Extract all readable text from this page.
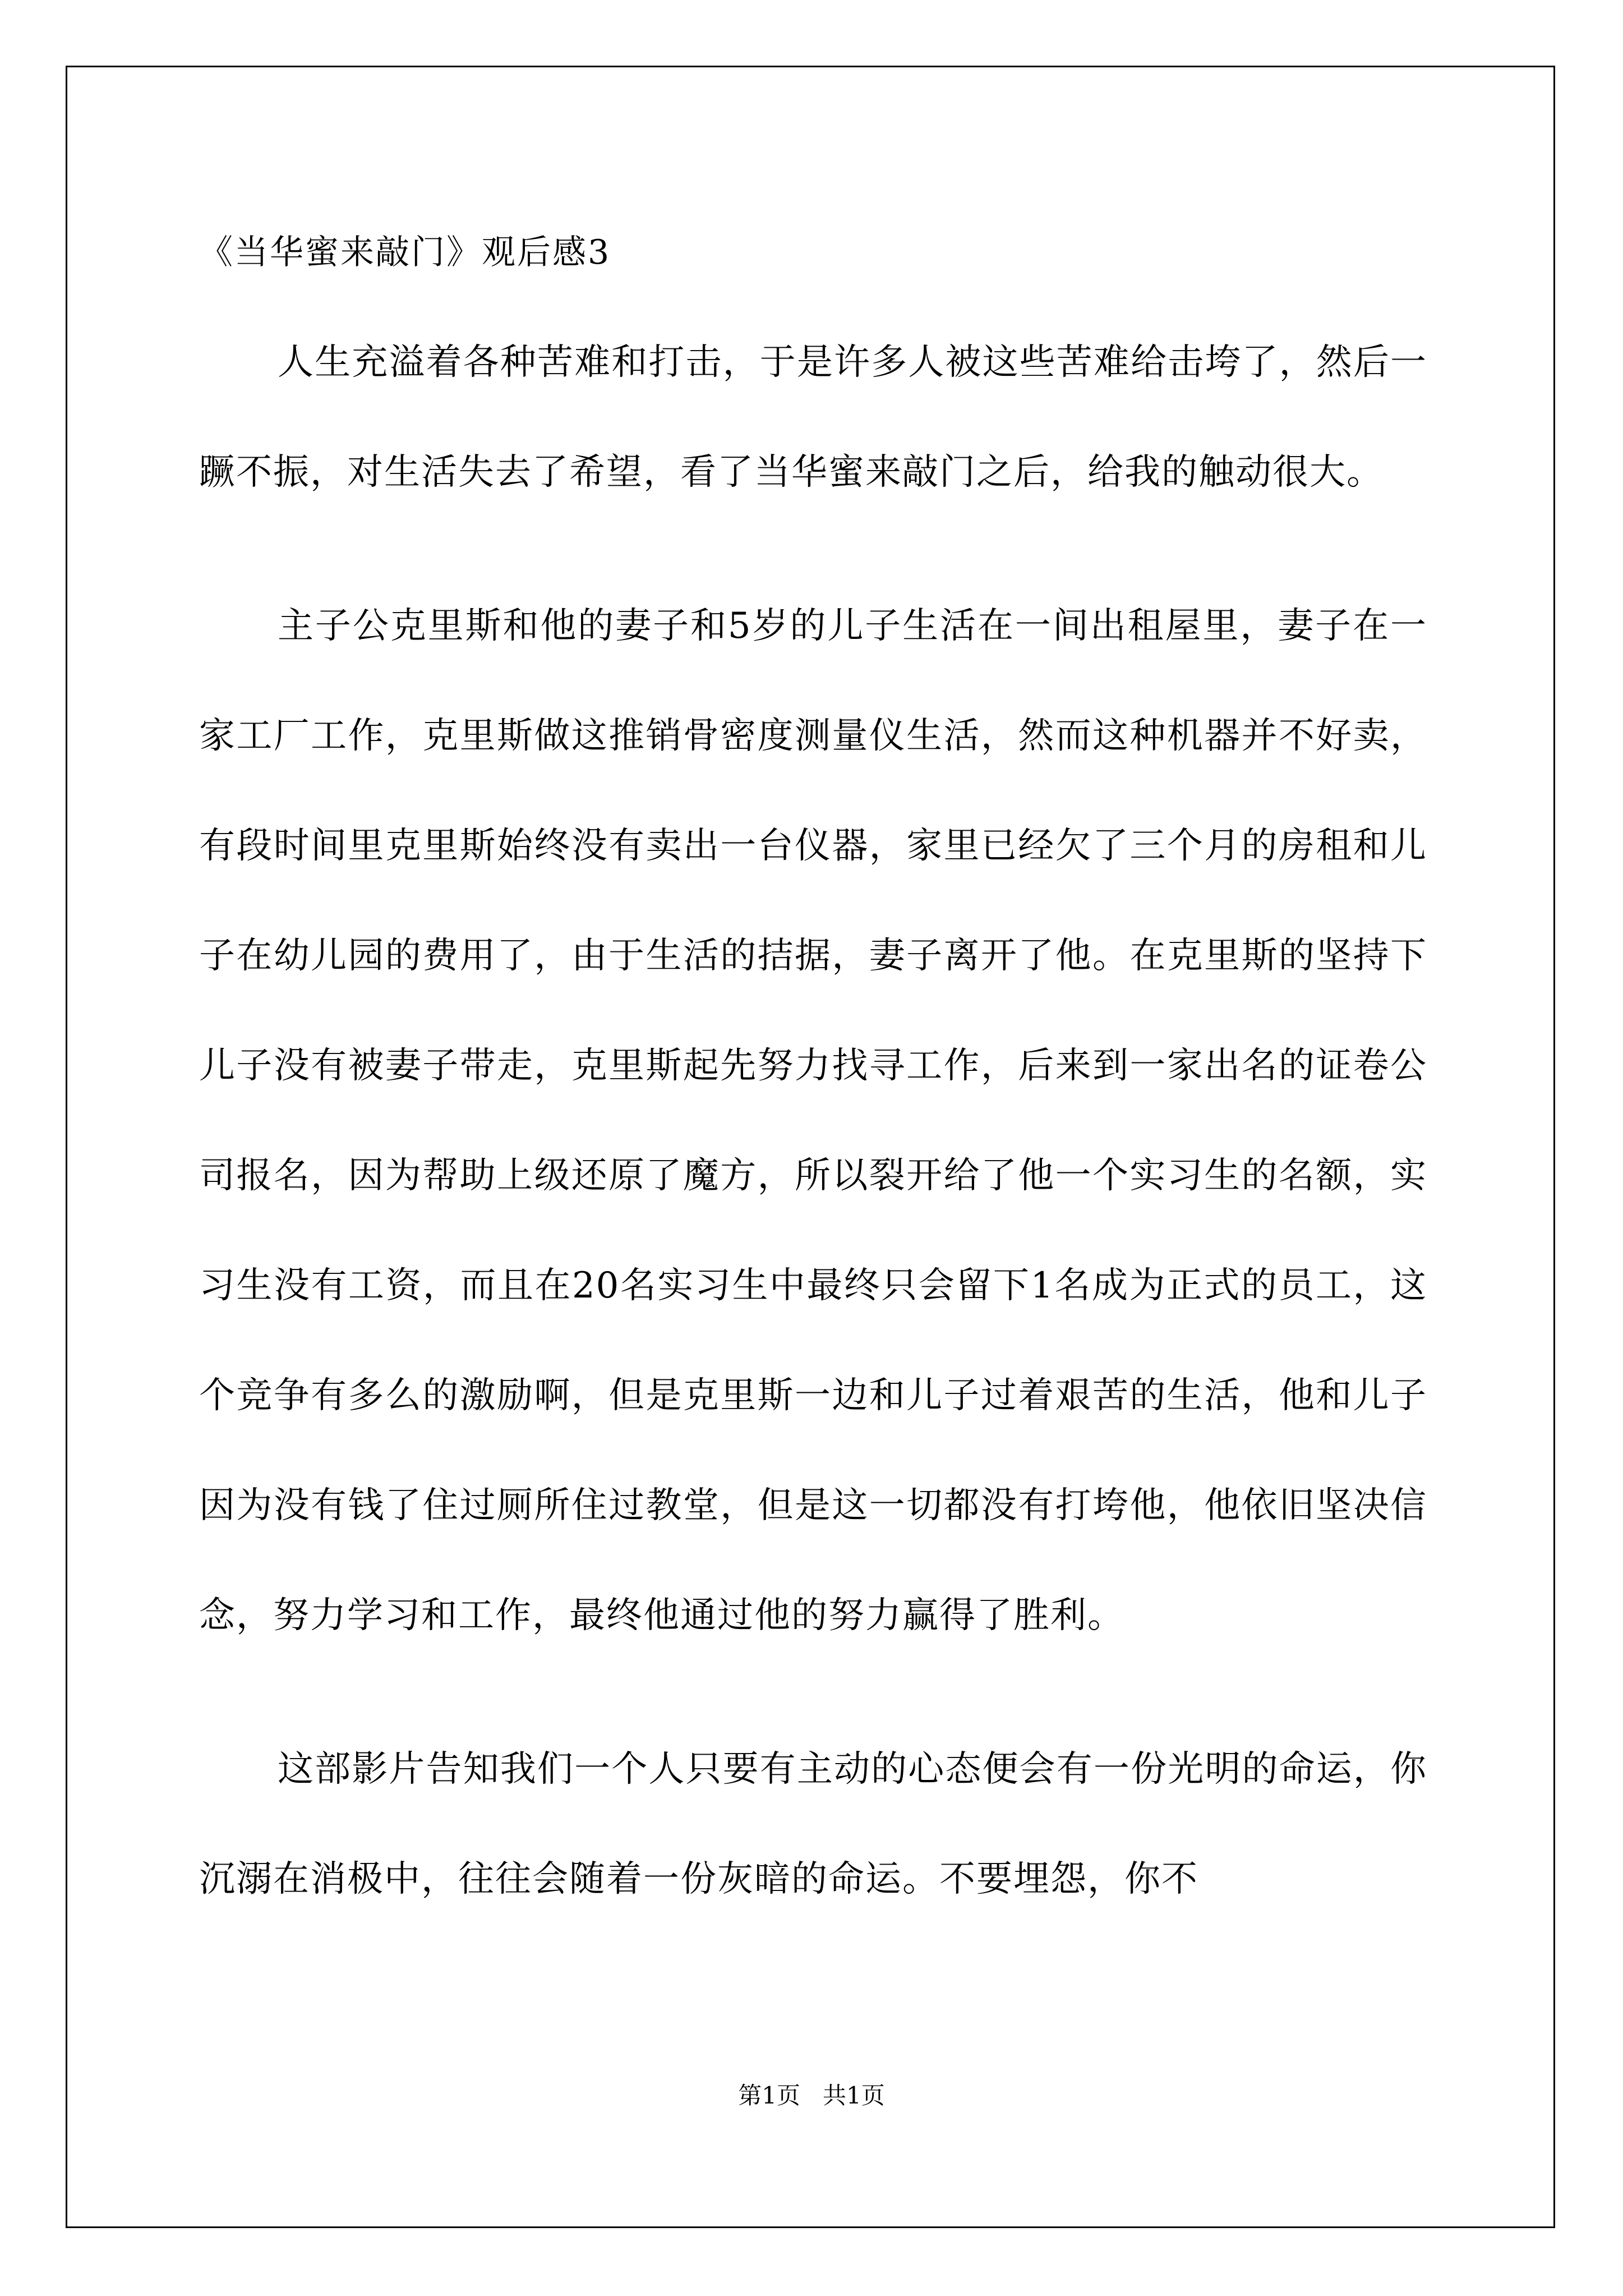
《当华蜜来敲门》观后感3

人生充溢着各种苦难和打击，于是许多人被这些苦难给击垮了，然后一蹶不振，对生活失去了希望，看了当华蜜来敲门之后，给我的触动很大。

主子公克里斯和他的妻子和5岁的儿子生活在一间出租屋里，妻子在一家工厂工作，克里斯做这推销骨密度测量仪生活，然而这种机器并不好卖，有段时间里克里斯始终没有卖出一台仪器，家里已经欠了三个月的房租和儿子在幼儿园的费用了，由于生活的拮据，妻子离开了他。在克里斯的坚持下儿子没有被妻子带走，克里斯起先努力找寻工作，后来到一家出名的证卷公司报名，因为帮助上级还原了魔方，所以裂开给了他一个实习生的名额，实习生没有工资，而且在20名实习生中最终只会留下1名成为正式的员工，这个竞争有多么的激励啊，但是克里斯一边和儿子过着艰苦的生活，他和儿子因为没有钱了住过厕所住过教堂，但是这一切都没有打垮他，他依旧坚决信念，努力学习和工作，最终他通过他的努力赢得了胜利。

这部影片告知我们一个人只要有主动的心态便会有一份光明的命运，你沉溺在消极中，往往会随着一份灰暗的命运。不要埋怨，你不

第1页   共1页
